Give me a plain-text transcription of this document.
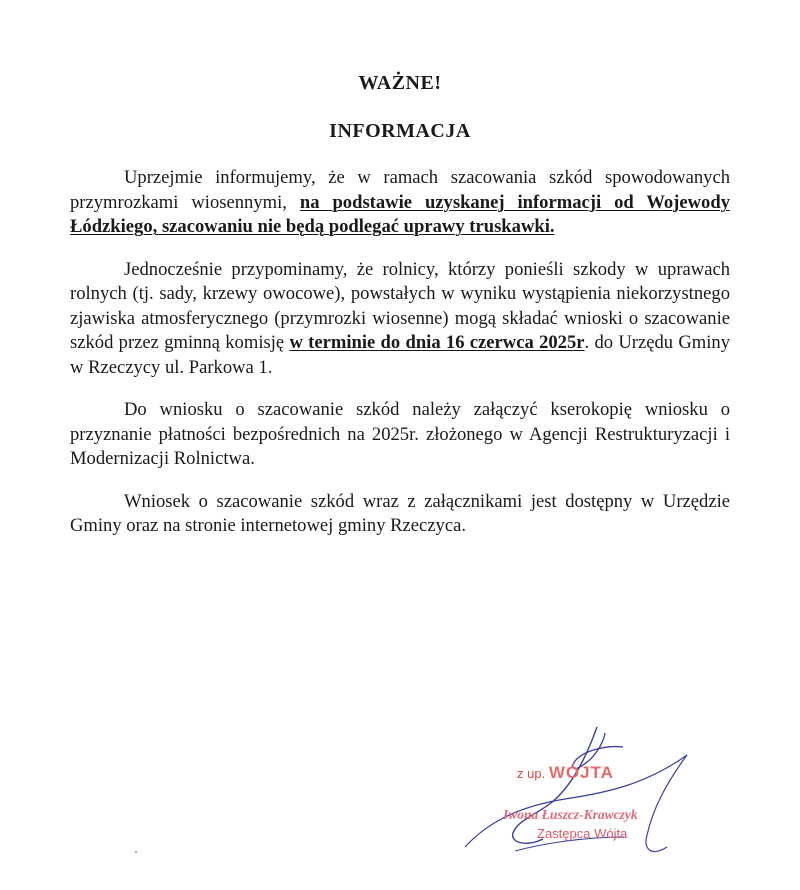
WAŻNE!
INFORMACJA

Uprzejmie informujemy, że w ramach szacowania szkód spowodowanych przymrozkami wiosennymi, na podstawie uzyskanej informacji od Wojewody Łódzkiego, szacowaniu nie będą podlegać uprawy truskawki.

Jednocześnie przypominamy, że rolnicy, którzy ponieśli szkody w uprawach rolnych (tj. sady, krzewy owocowe), powstałych w wyniku wystąpienia niekorzystnego zjawiska atmosferycznego (przymrozki wiosenne) mogą składać wnioski o szacowanie szkód przez gminną komisję w terminie do dnia 16 czerwca 2025r. do Urzędu Gminy w Rzeczycy ul. Parkowa 1.

Do wniosku o szacowanie szkód należy załączyć kserokopię wniosku o przyznanie płatności bezpośrednich na 2025r. złożonego w Agencji Restrukturyzacji i Modernizacji Rolnictwa.

Wniosek o szacowanie szkód wraz z załącznikami jest dostępny w Urzędzie Gminy oraz na stronie internetowej gminy Rzeczyca.

z up. WÓJTA
Iwona Łuszcz-Krawczyk
Zastępca Wójta
